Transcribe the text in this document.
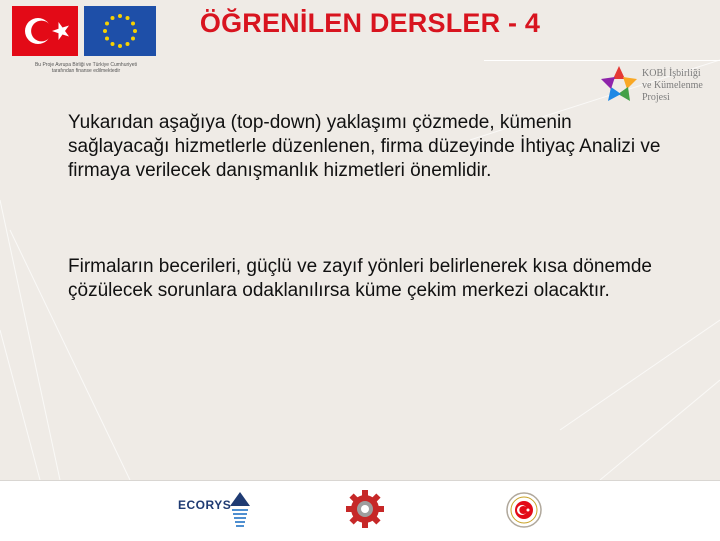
Bu Proje Avrupa Birliği ve Türkiye Cumhuriyeti tarafından finanse edilmektedir
ÖĞRENİLEN DERSLER - 4
KOBİ İşbirliği
ve Kümelenme
Projesi

Yukarıdan aşağıya (top-down) yaklaşımı çözmede, kümenin sağlayacağı hizmetlerle düzenlenen, firma düzeyinde İhtiyaç Analizi ve firmaya verilecek danışmanlık hizmetleri önemlidir.

Firmaların becerileri, güçlü ve zayıf yönleri belirlenerek kısa dönemde çözülecek sorunlara odaklanılırsa küme çekim merkezi olacaktır.

ECORYS
